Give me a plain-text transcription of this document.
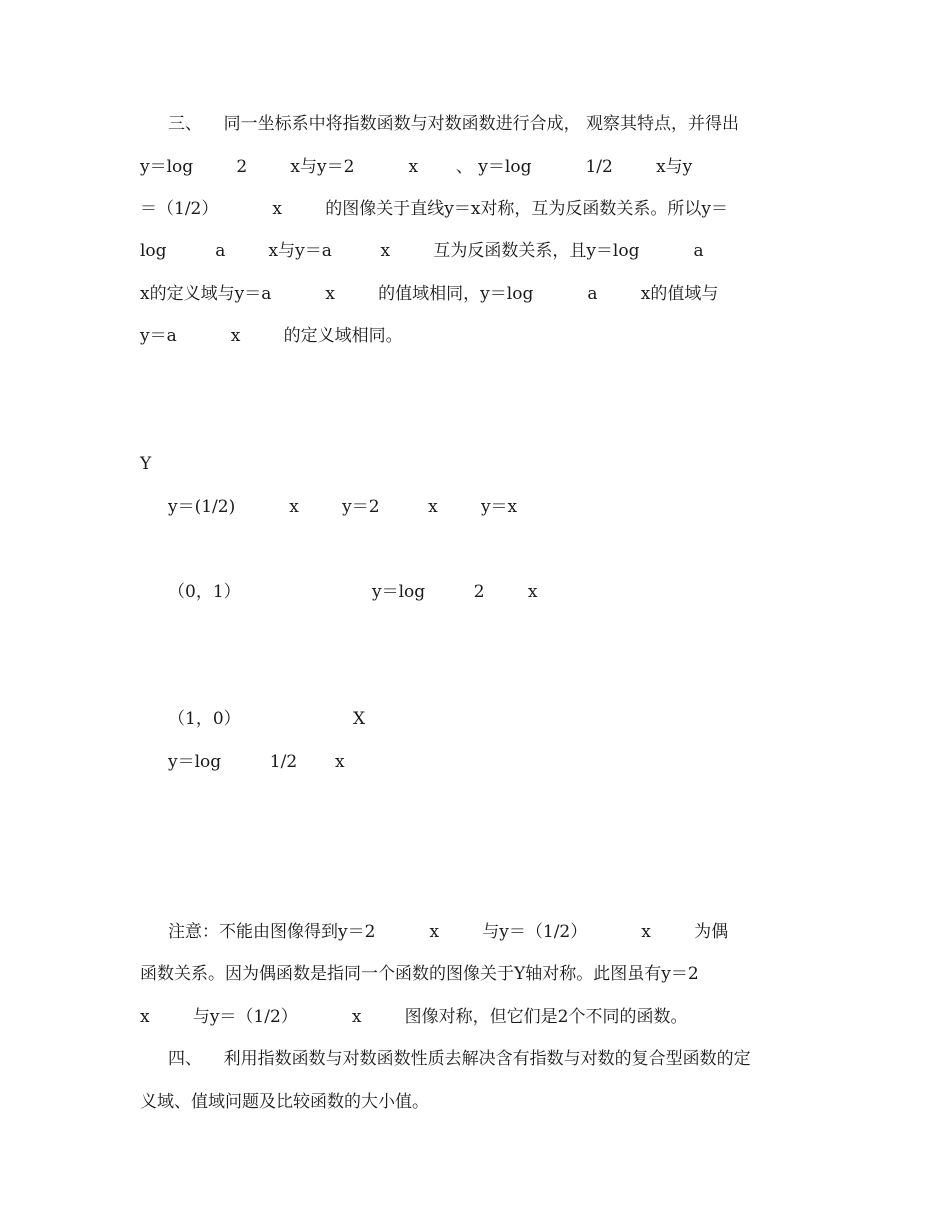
三、    同一坐标系中将指数函数与对数函数进行合成， 观察其特点，并得出
y＝log        2        x与y＝2          x       、 y＝log          1/2        x与y
＝（1/2）          x        的图像关于直线y＝x对称，互为反函数关系。所以y＝
log         a        x与y＝a         x        互为反函数关系，且y＝log          a
x的定义域与y＝a          x        的值域相同，y＝log          a        x的值域与
y＝a          x        的定义域相同。
Y
y＝(1/2)          x        y＝2         x        y＝x
（0，1）	y＝log         2        x
（1，0）	X
y＝log         1/2       x
注意：不能由图像得到y＝2          x        与y＝（1/2）          x        为偶
函数关系。因为偶函数是指同一个函数的图像关于Y轴对称。此图虽有y＝2
x        与y＝（1/2）          x        图像对称，但它们是2个不同的函数。
四、    利用指数函数与对数函数性质去解决含有指数与对数的复合型函数的定
义域、值域问题及比较函数的大小值。
